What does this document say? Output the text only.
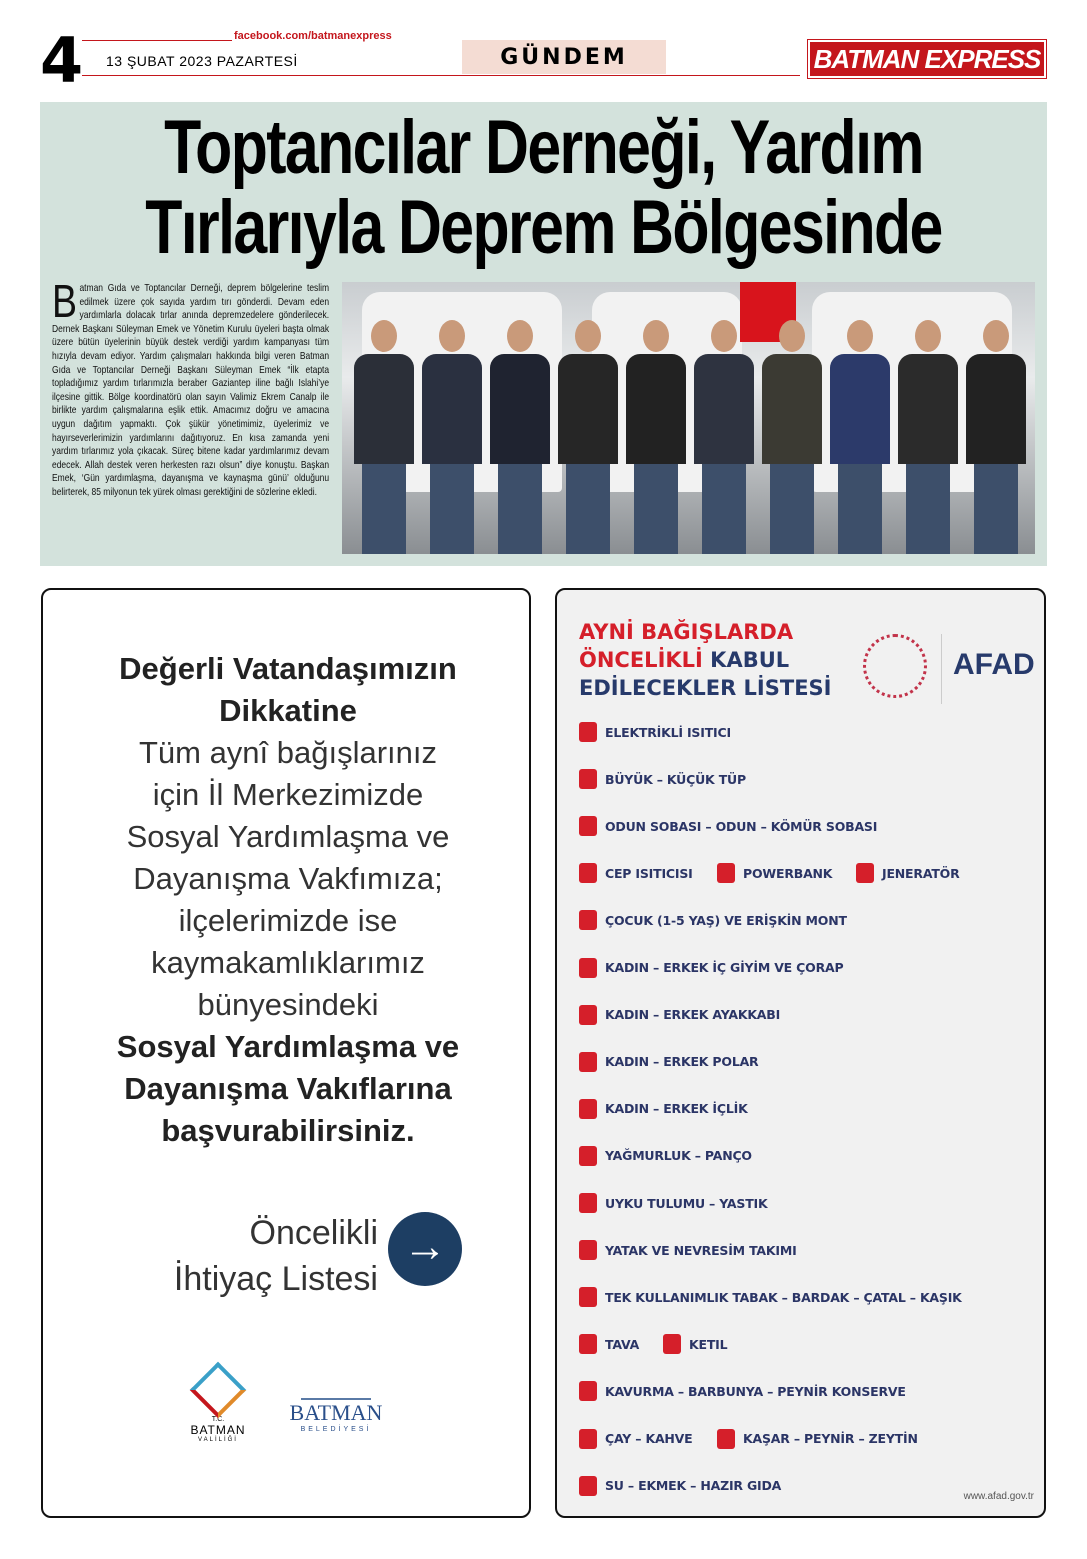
4	facebook.com/batmanexpress
13 ŞUBAT 2023 PAZARTESİ	GÜNDEM	BATMAN EXPRESS
Toptancılar Derneği, Yardım
Tırlarıyla Deprem Bölgesinde
Batman Gıda ve Toptancılar Derneği, deprem bölgelerine teslim edilmek üzere çok sayıda yardım tırı gönderdi. Devam eden yardımlarla dolacak tırlar anında depremzedelere gönderilecek. Dernek Başkanı Süleyman Emek ve Yönetim Kurulu üyeleri başta olmak üzere bütün üyelerinin büyük destek verdiği yardım kampanyası tüm hızıyla devam ediyor. Yardım çalışmaları hakkında bilgi veren Batman Gıda ve Toptancılar Derneği Başkanı Süleyman Emek “İlk etapta topladığımız yardım tırlarımızla beraber Gaziantep iline bağlı Islahi’ye ilçesine gittik. Bölge koordinatörü olan sayın Valimiz Ekrem Canalp ile birlikte yardım çalışmalarına eşlik ettik. Amacımız doğru ve amacına uygun dağıtım yapmaktı. Çok şükür yönetimimiz, üyelerimiz ve hayırseverlerimizin yardımlarını dağıtıyoruz. En kısa zamanda yeni yardım tırlarımız yola çıkacak. Süreç bitene kadar yardımlarımız devam edecek. Allah destek veren herkesten razı olsun” diye konuştu. Başkan Emek, ‘Gün yardımlaşma, dayanışma ve kaynaşma günü’ olduğunu belirterek, 85 milyonun tek yürek olması gerektiğini de sözlerine ekledi.
Değerli Vatandaşımızın
Dikkatine
Tüm aynî bağışlarınız
için İl Merkezimizde
Sosyal Yardımlaşma ve
Dayanışma Vakfımıza;
ilçelerimizde ise
kaymakamlıklarımız
bünyesindeki
Sosyal Yardımlaşma ve
Dayanışma Vakıflarına
başvurabilirsiniz.
Öncelikli
İhtiyaç Listesi
→
T.C.
BATMAN
VALİLİĞİ
BATMAN
BELEDİYESİ
AYNİ BAĞIŞLARDA
ÖNCELİKLİ KABUL
EDİLECEKLER LİSTESİ
AFAD
ELEKTRİKLİ ISITICI
BÜYÜK – KÜÇÜK TÜP
ODUN SOBASI – ODUN – KÖMÜR SOBASI
CEP ISITICISI	POWERBANK	JENERATÖR
ÇOCUK (1-5 YAŞ) VE ERİŞKİN MONT
KADIN – ERKEK İÇ GİYİM VE ÇORAP
KADIN – ERKEK AYAKKABI
KADIN – ERKEK POLAR
KADIN – ERKEK İÇLİK
YAĞMURLUK – PANÇO
UYKU TULUMU – YASTIK
YATAK VE NEVRESİM TAKIMI
TEK KULLANIMLIK TABAK – BARDAK – ÇATAL – KAŞIK
TAVA	KETIL
KAVURMA – BARBUNYA – PEYNİR KONSERVE
ÇAY – KAHVE	KAŞAR – PEYNİR – ZEYTİN
SU – EKMEK – HAZIR GIDA
www.afad.gov.tr
